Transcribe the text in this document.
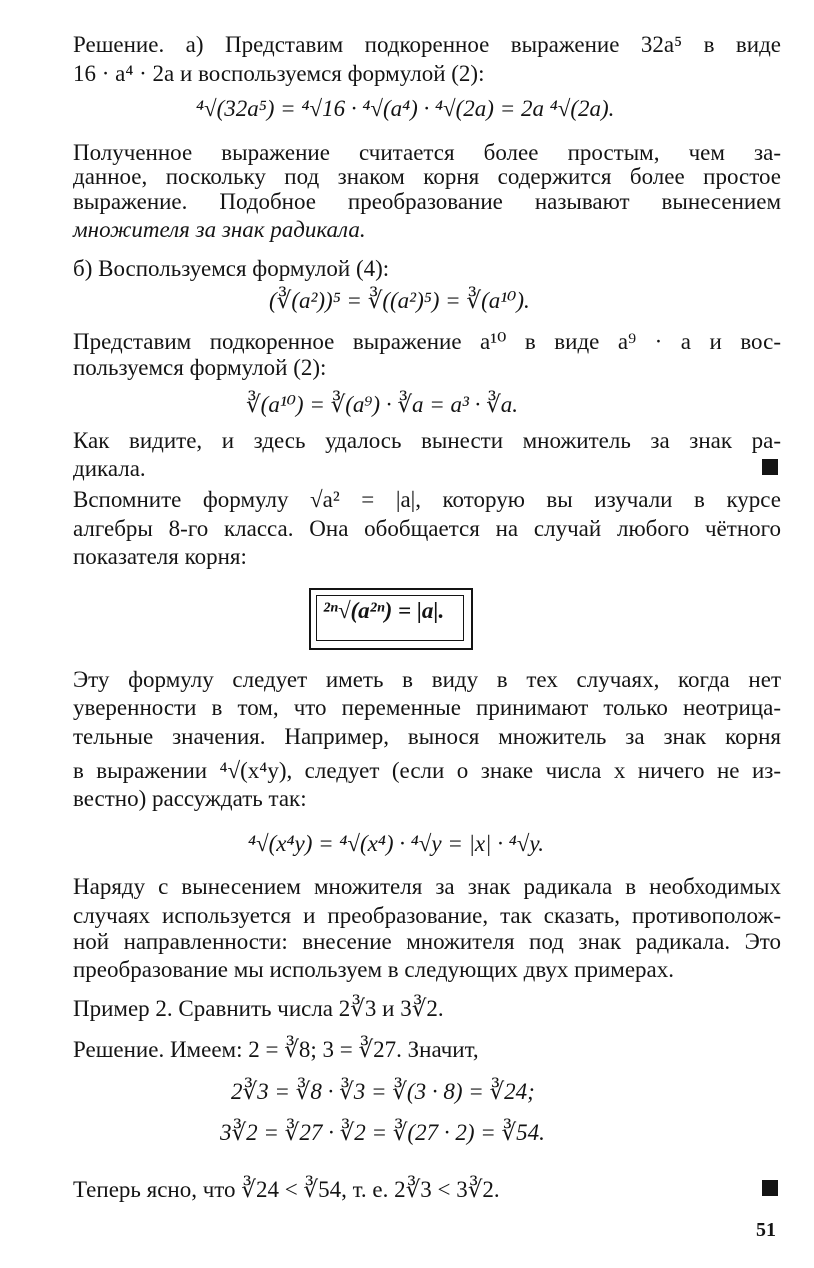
Решение. а) Представим подкоренное выражение 32a⁵ в виде
16 · a⁴ · 2a и воспользуемся формулой (2):
⁴√(32a⁵) = ⁴√16 · ⁴√(a⁴) · ⁴√(2a) = 2a ⁴√(2a).
Полученное выражение считается более простым, чем за-
данное, поскольку под знаком корня содержится более простое
выражение. Подобное преобразование называют вынесением
множителя за знак радикала.
б) Воспользуемся формулой (4):
(∛(a²))⁵ = ∛((a²)⁵) = ∛(a¹⁰).
Представим подкоренное выражение a¹⁰ в виде a⁹ · a и вос-
пользуемся формулой (2):
∛(a¹⁰) = ∛(a⁹) · ∛a = a³ · ∛a.
Как видите, и здесь удалось вынести множитель за знак ра-
дикала.
Вспомните формулу √a² = |a|, которую вы изучали в курсе
алгебры 8-го класса. Она обобщается на случай любого чётного
показателя корня:
²ⁿ√(a²ⁿ) = |a|.
Эту формулу следует иметь в виду в тех случаях, когда нет
уверенности в том, что переменные принимают только неотрица-
тельные значения. Например, вынося множитель за знак корня
в выражении ⁴√(x⁴y), следует (если о знаке числа x ничего не из-
вестно) рассуждать так:
⁴√(x⁴y) = ⁴√(x⁴) · ⁴√y = |x| · ⁴√y.
Наряду с вынесением множителя за знак радикала в необходимых
случаях используется и преобразование, так сказать, противополож-
ной направленности: внесение множителя под знак радикала. Это
преобразование мы используем в следующих двух примерах.
Пример 2. Сравнить числа 2∛3 и 3∛2.
Решение. Имеем: 2 = ∛8; 3 = ∛27. Значит,
2∛3 = ∛8 · ∛3 = ∛(3 · 8) = ∛24;
3∛2 = ∛27 · ∛2 = ∛(27 · 2) = ∛54.
Теперь ясно, что ∛24 < ∛54, т. е. 2∛3 < 3∛2.
51
